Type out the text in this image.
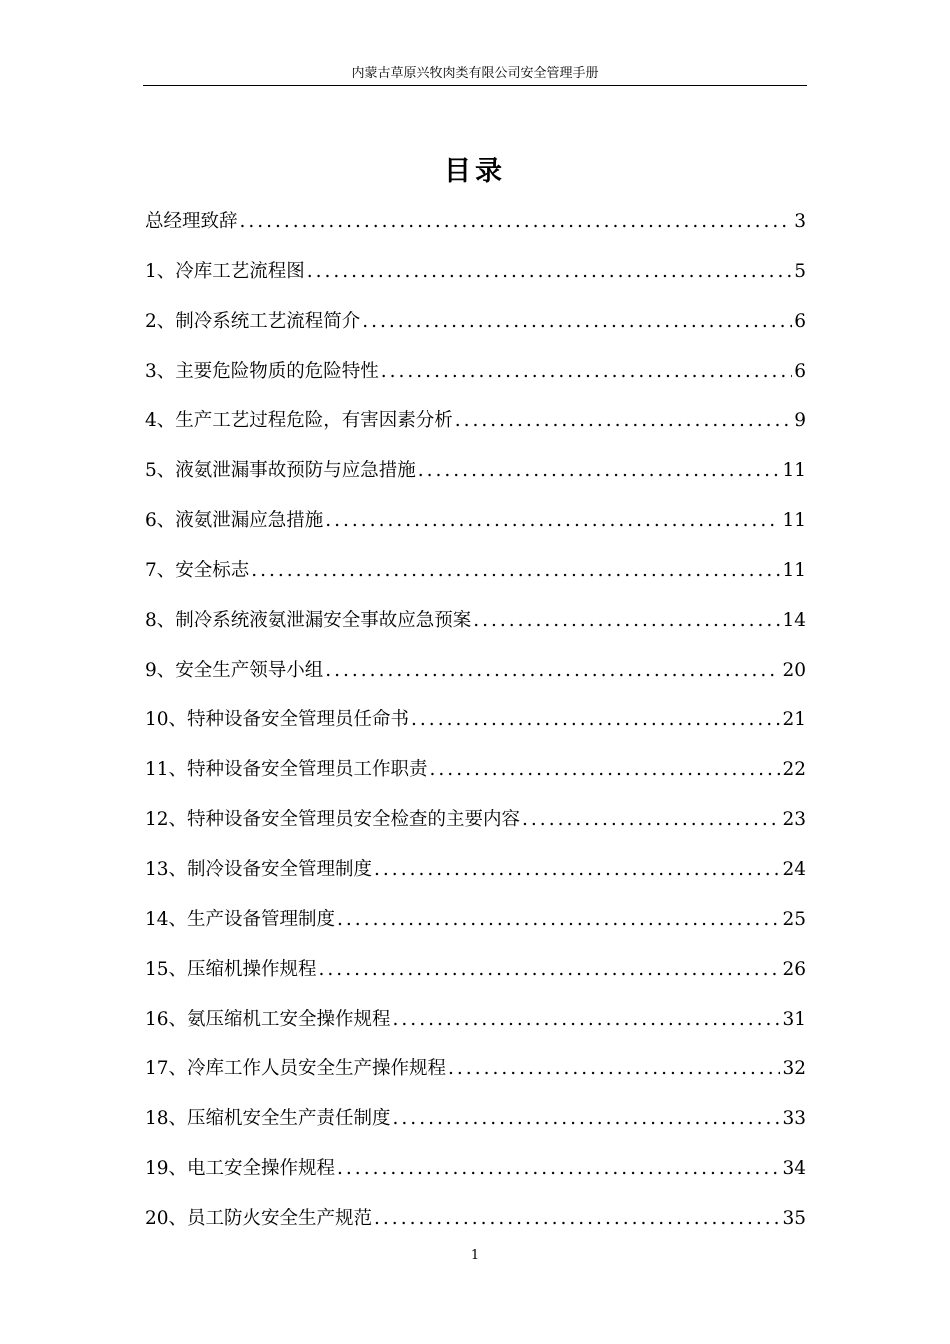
内蒙古草原兴牧肉类有限公司安全管理手册
目录
总经理致辞 .....	3
1、冷库工艺流程图 .....	5
2、制冷系统工艺流程简介 .....	6
3、主要危险物质的危险特性 .....	6
4、生产工艺过程危险，有害因素分析 .....	9
5、液氨泄漏事故预防与应急措施 .....	11
6、液氨泄漏应急措施 .....	11
7、安全标志 .....	11
8、制冷系统液氨泄漏安全事故应急预案 .....	14
9、安全生产领导小组 .....	20
10、特种设备安全管理员任命书 .....	21
11、特种设备安全管理员工作职责 .....	22
12、特种设备安全管理员安全检查的主要内容 .....	23
13、制冷设备安全管理制度 .....	24
14、生产设备管理制度 .....	25
15、压缩机操作规程 .....	26
16、氨压缩机工安全操作规程 .....	31
17、冷库工作人员安全生产操作规程 .....	32
18、压缩机安全生产责任制度 .....	33
19、电工安全操作规程 .....	34
20、员工防火安全生产规范 .....	35
1
